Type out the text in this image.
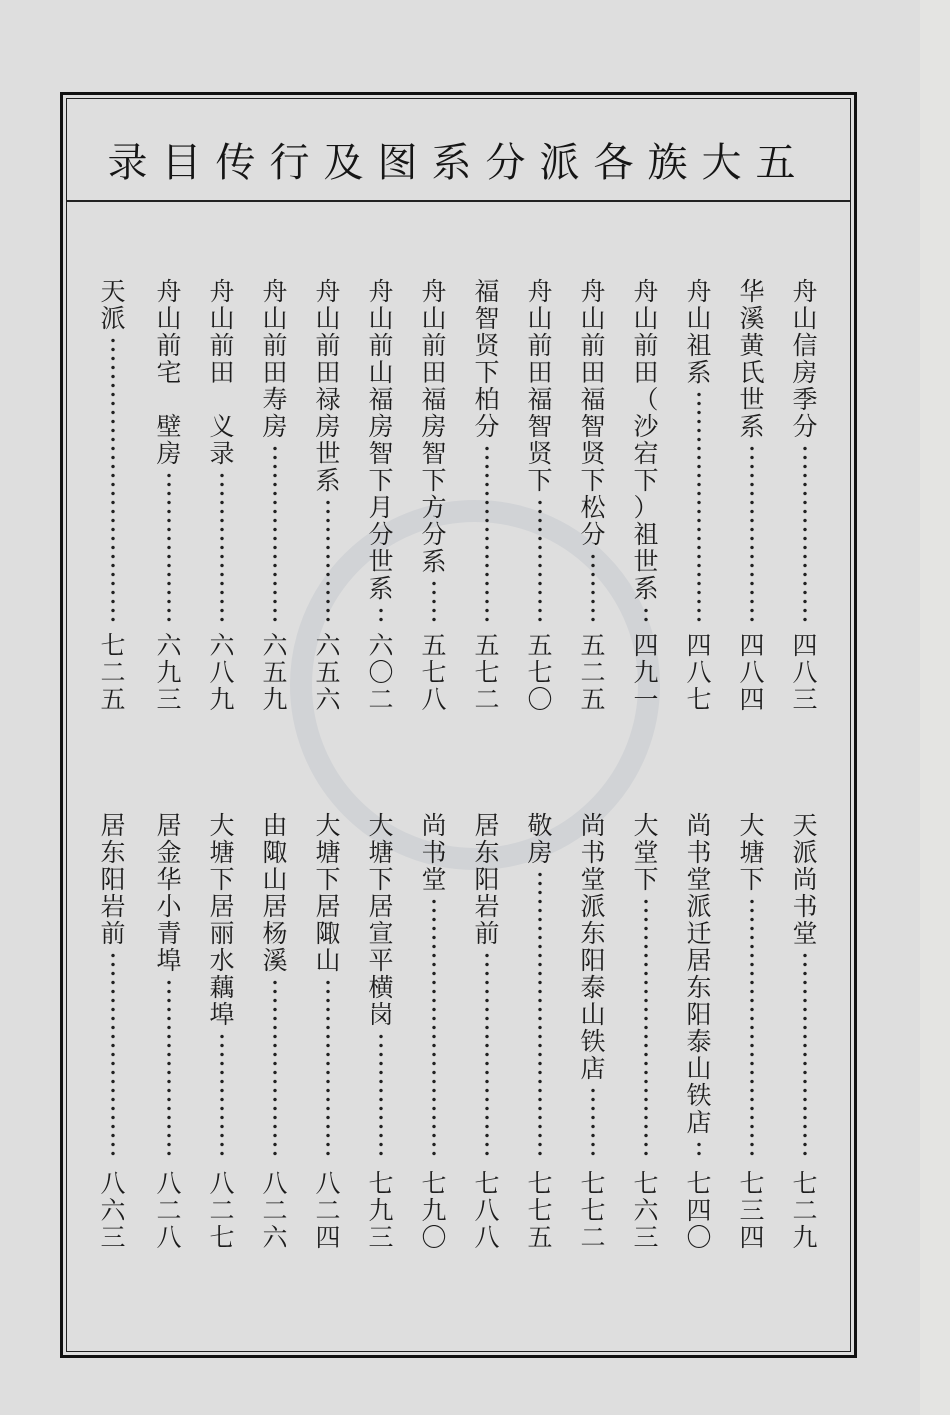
录目传行及图系分派各族大五
舟
山
信
房
季
分
四
八
三
华
溪
黄
氏
世
系
四
八
四
舟
山
祖
系
四
八
七
舟
山
前
田
（
沙
宕
下
）
祖
世
系
四
九
一
舟
山
前
田
福
智
贤
下
松
分
五
二
五
舟
山
前
田
福
智
贤
下
五
七
〇
福
智
贤
下
柏
分
五
七
二
舟
山
前
田
福
房
智
下
方
分
系
五
七
八
舟
山
前
山
福
房
智
下
月
分
世
系
六
〇
二
舟
山
前
田
禄
房
世
系
六
五
六
舟
山
前
田
寿
房
六
五
九
舟
山
前
田

义
录
六
八
九
舟
山
前
宅

壁
房
六
九
三
天
派
七
二
五
天
派
尚
书
堂
七
二
九
大
塘
下
七
三
四
尚
书
堂
派
迁
居
东
阳
泰
山
铁
店
七
四
〇
大
堂
下
七
六
三
尚
书
堂
派
东
阳
泰
山
铁
店
七
七
二
敬
房
七
七
五
居
东
阳
岩
前
七
八
八
尚
书
堂
七
九
〇
大
塘
下
居
宣
平
横
岗
七
九
三
大
塘
下
居
陬
山
八
二
四
由
陬
山
居
杨
溪
八
二
六
大
塘
下
居
丽
水
藕
埠
八
二
七
居
金
华
小
青
埠
八
二
八
居
东
阳
岩
前
八
六
三
